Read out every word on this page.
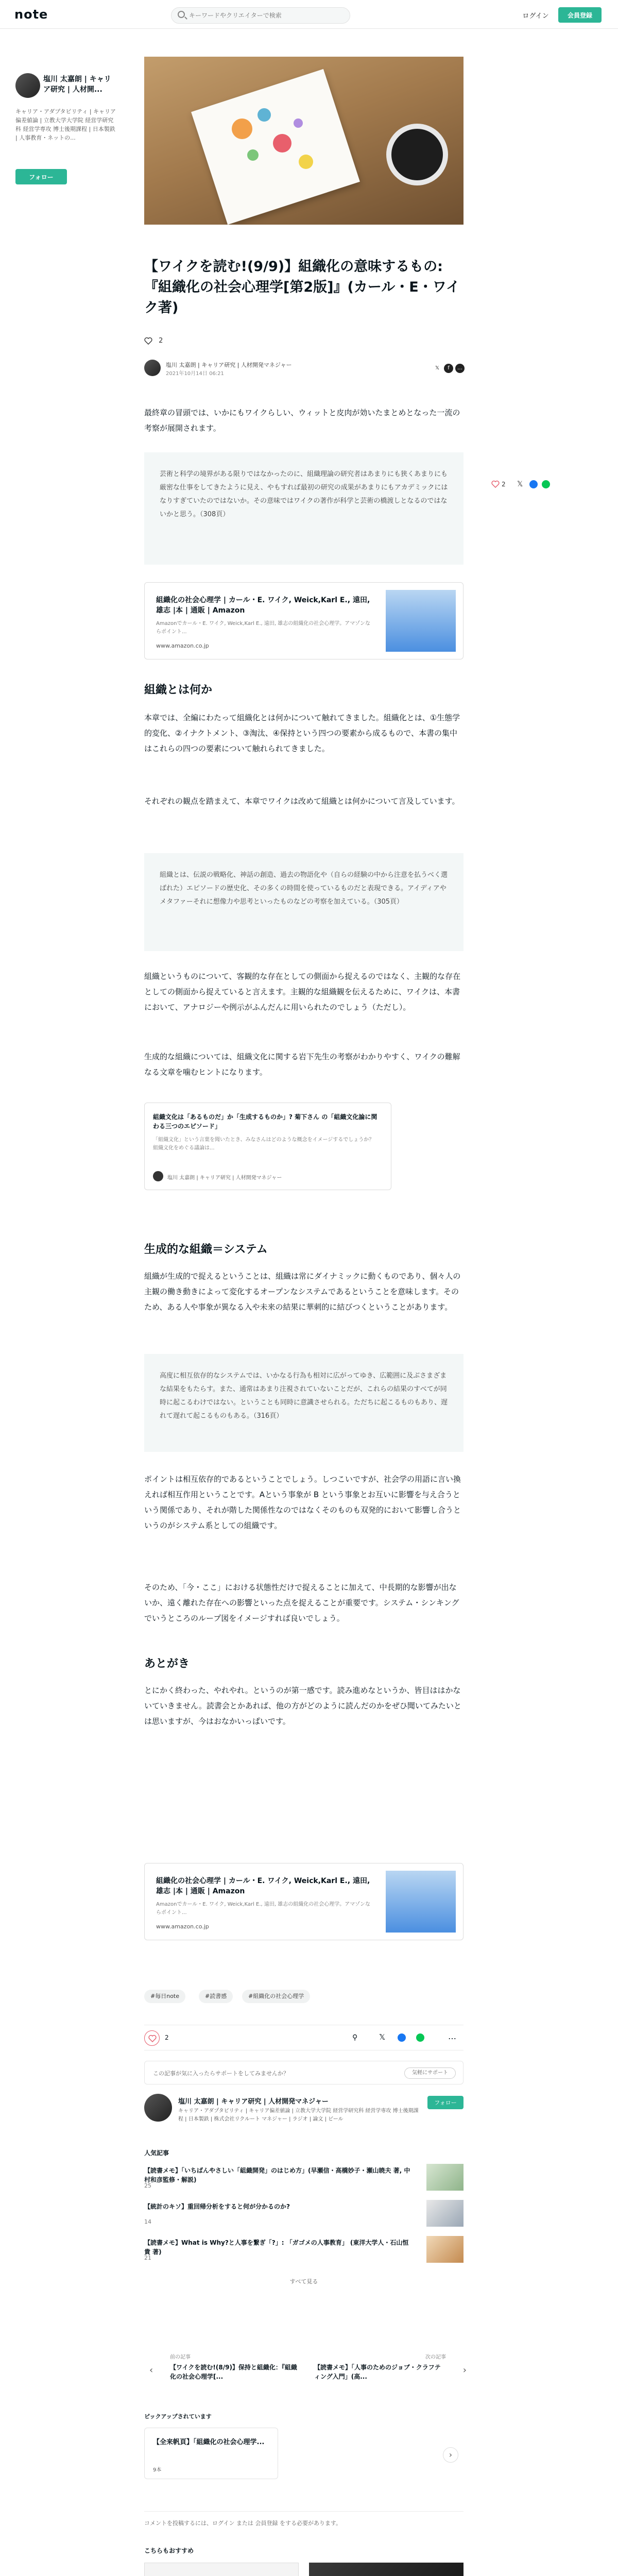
note
キーワードやクリエイターで検索	ログイン	会員登録
塩川 太嘉朗 | キャリア研究 | 人材開...
キャリア・アダプタビリティ | キャリア偏差値論 | 立教大学大学院 経営学研究科 経営学専攻 博士後期課程 | 日本製鉄 | 人事教育・ネットの...
フォロー
【ワイクを読む!(9/9)】組織化の意味するもの:『組織化の社会心理学[第2版]』(カール・E・ワイク著)
2
塩川 太嘉朗 | キャリア研究 | 人材開発マネジャー
2021年10月14日 06:21
𝕏	f	…
2 𝕏

最終章の冒頭では、いかにもワイクらしい、ウィットと皮肉が効いたまとめとなった一流の考察が展開されます。

芸術と科学の境界がある限りではなかったのに、組織理論の研究者はあまりにも狭くあまりにも厳密な仕事をしてきたように見え、やもすれば最初の研究の成果があまりにもアカデミックにはなりすぎていたのではないか。その意味ではワイクの著作が科学と芸術の橋渡しとなるのではないかと思う。（308頁）
組織化の社会心理学 | カール・E. ワイク, Weick,Karl E., 遠田, 雄志 |本 | 通販 | Amazon
Amazonでカール・E. ワイク, Weick,Karl E., 遠田, 雄志の組織化の社会心理学。アマゾンならポイント...
www.amazon.co.jp
組織とは何か

本章では、全編にわたって組織化とは何かについて触れてきました。組織化とは、①生態学的変化、②イナクトメント、③淘汰、④保持という四つの要素から成るもので、本書の集中はこれらの四つの要素について触れられてきました。

それぞれの観点を踏まえて、本章でワイクは改めて組織とは何かについて言及しています。

組織とは、伝説の戦略化、神話の創造、過去の物語化や（自らの経験の中から注意を払うべく選ばれた）エピソードの歴史化、その多くの時間を使っているものだと表現できる。アイディアやメタファーそれに想像力や思考といったものなどの考察を加えている。（305頁）

組織というものについて、客観的な存在としての側面から捉えるのではなく、主観的な存在としての側面から捉えていると言えます。主観的な組織観を伝えるために、ワイクは、本書において、アナロジーや例示がふんだんに用いられたのでしょう（ただし）。

生成的な組織については、組織文化に関する岩下先生の考察がわかりやすく、ワイクの難解なる文章を噛むヒントになります。

組織文化は「あるものだ」か「生成するものか」? 菊下さん の「組織文化論に関わる三つのエピソード」
「組織文化」という言葉を聞いたとき、みなさんはどのような概念をイメージするでしょうか？ 組織文化をめぐる議論は...
塩川 太嘉朗 | キャリア研究 | 人材開発マネジャー
生成的な組織＝システム

組織が生成的で捉えるということは、組織は常にダイナミックに動くものであり、個々人の主観の働き動きによって変化するオープンなシステムであるということを意味します。そのため、ある人や事象が異なる入や未来の結果に華刺的に結びつくということがあります。

高度に相互依存的なシステムでは、いかなる行為も相対に広がってゆき、広範囲に及ぶさまざまな結果をもたらす。また、通常はあまり注視されていないことだが、これらの結果のすべてが同時に起こるわけではない。ということも同時に意識させられる。ただちに起こるものもあり、遅れて遅れて起こるものもある。（316頁）

ポイントは相互依存的であるということでしょう。しつこいですが、社会学の用語に言い換えれば相互作用ということです。Aという事象が B という事象とお互いに影響を与え合うという関係であり、それが階した関係性なのではなくそのものも双発的において影響し合うというのがシステム系としての組織です。

そのため、「今・ここ」における状態性だけで捉えることに加えて、中長期的な影響が出ないか、遠く離れた存在への影響といった点を捉えることが重要です。システム・シンキングでいうところのループ図をイメージすれば良いでしょう。

あとがき

とにかく終わった、やれやれ。というのが第一感です。読み進めなというか、皆目ははかないていきません。読書会とかあれば、他の方がどのように読んだのかをぜひ聞いてみたいとは思いますが、今はおなかいっぱいです。

組織化の社会心理学 | カール・E. ワイク, Weick,Karl E., 遠田, 雄志 |本 | 通販 | Amazon
Amazonでカール・E. ワイク, Weick,Karl E., 遠田, 雄志の組織化の社会心理学。アマゾンならポイント...
www.amazon.co.jp
#毎日note	#読書感	#組織化の社会心理学
2	⚲	𝕏	…
この記事が気に入ったらサポートをしてみませんか？	気軽にサポート
塩川 太嘉朗 | キャリア研究 | 人材開発マネジャー
キャリア・アダプタビリティ | キャリア偏差値論 | 立教大学大学院 経営学研究科 経営学専攻 博士後期課程 | 日本製鉄 | 株式会社リクルート マネジャー | ラジオ | 論文 | ビール
フォロー
人気記事
【読書メモ】「いちばんやさしい「組織開発」のはじめ方」(早瀬信・高橋妙子・瀬山暁夫 著, 中村和彦監修・解説)
25
【統計のキソ】重回帰分析をすると何が分かるのか?
14
【読書メモ】What is Why?と人事を繋ぎ「?」: 「ガゴメの人事教育」 (東洋大学人・石山恒貴 著)
21
すべて見る
前の記事
‹	【ワイクを読む!(8/9)】保持と組織化：『組織化の社会心理学[...
次の記事
【読書メモ】「人事のためのジョブ・クラフティング入門」(高...
›
ピックアップされています
【全来帆頁】「組織化の社会心理学...
9本
›
コメントを投稿するには、ログイン または 会員登録 をする必要があります。
こちらもおすすめ
